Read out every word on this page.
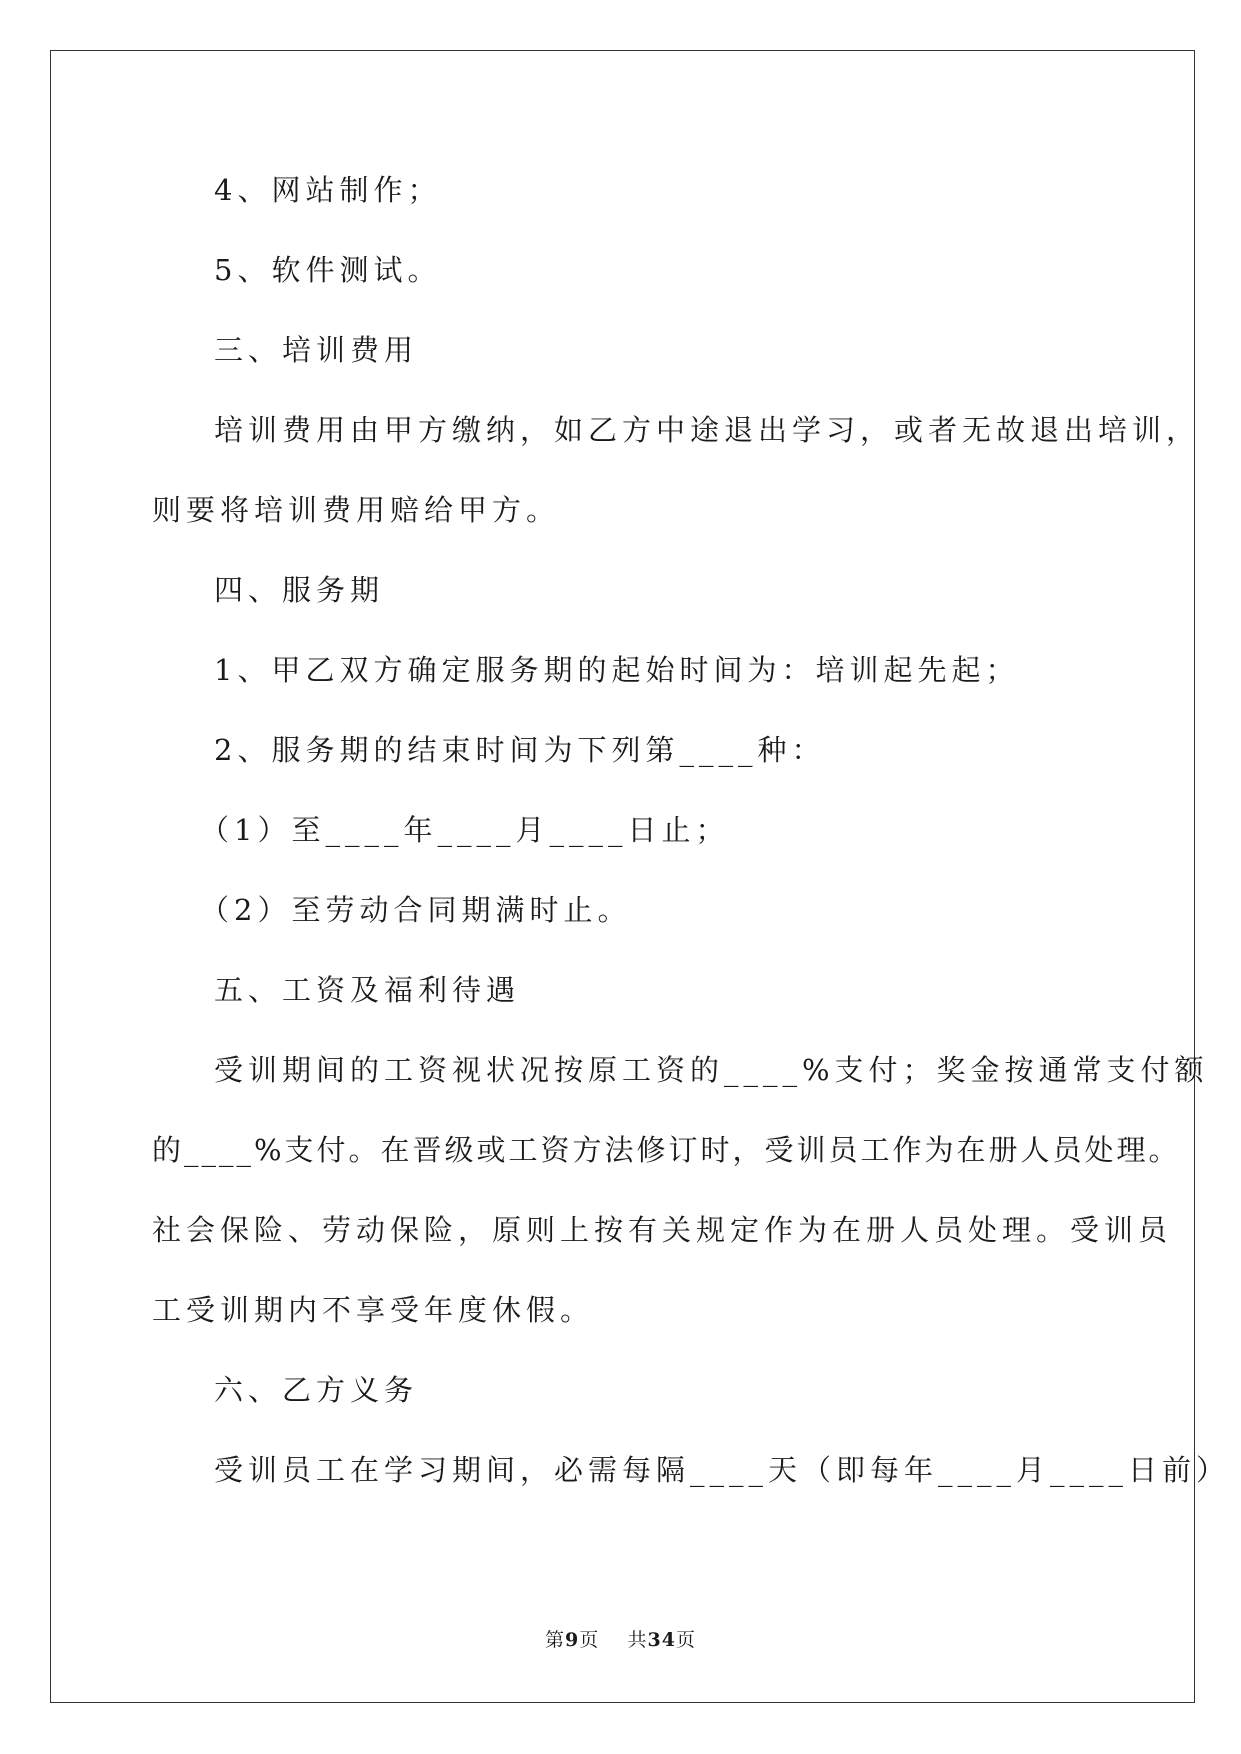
4、网站制作；
5、软件测试。
三、培训费用
培训费用由甲方缴纳，如乙方中途退出学习，或者无故退出培训，
则要将培训费用赔给甲方。
四、服务期
1、甲乙双方确定服务期的起始时间为：培训起先起；
2、服务期的结束时间为下列第____种：
（1）至____年____月____日止；
（2）至劳动合同期满时止。
五、工资及福利待遇
受训期间的工资视状况按原工资的____%支付；奖金按通常支付额
的____%支付。在晋级或工资方法修订时，受训员工作为在册人员处理。
社会保险、劳动保险，原则上按有关规定作为在册人员处理。受训员
工受训期内不享受年度休假。
六、乙方义务
受训员工在学习期间，必需每隔____天（即每年____月____日前）
第9页 共34页
